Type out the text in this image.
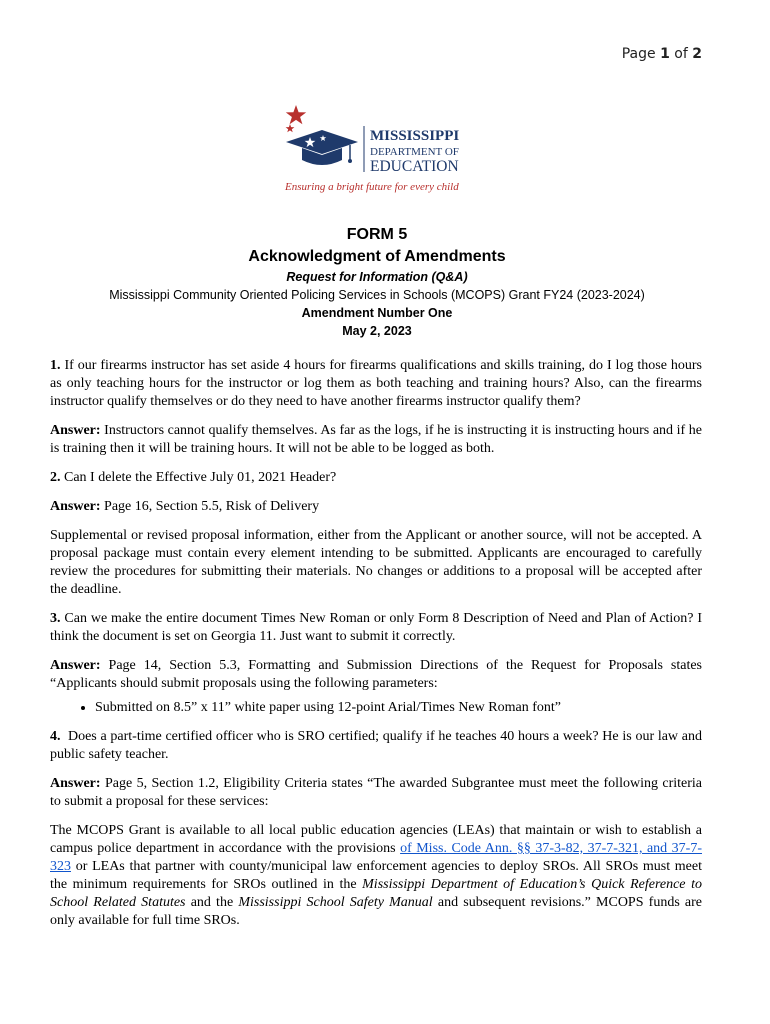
Page 1 of 2
MISSISSIPPI
DEPARTMENT OF
EDUCATION
Ensuring a bright future for every child
FORM 5
Acknowledgment of Amendments
Request for Information (Q&A)
Mississippi Community Oriented Policing Services in Schools (MCOPS) Grant FY24 (2023-2024)
Amendment Number One
May 2, 2023

1. If our firearms instructor has set aside 4 hours for firearms qualifications and skills training, do I log those hours as only teaching hours for the instructor or log them as both teaching and training hours? Also, can the firearms instructor qualify themselves or do they need to have another firearms instructor qualify them?

Answer: Instructors cannot qualify themselves. As far as the logs, if he is instructing it is instructing hours and if he is training then it will be training hours. It will not be able to be logged as both.

2. Can I delete the Effective July 01, 2021 Header?

Answer: Page 16, Section 5.5, Risk of Delivery

Supplemental or revised proposal information, either from the Applicant or another source, will not be accepted. A proposal package must contain every element intending to be submitted. Applicants are encouraged to carefully review the procedures for submitting their materials. No changes or additions to a proposal will be accepted after the deadline.

3. Can we make the entire document Times New Roman or only Form 8 Description of Need and Plan of Action? I think the document is set on Georgia 11. Just want to submit it correctly.

Answer: Page 14, Section 5.3, Formatting and Submission Directions of the Request for Proposals states “Applicants should submit proposals using the following parameters:

• Submitted on 8.5” x 11” white paper using 12-point Arial/Times New Roman font”

4. Does a part-time certified officer who is SRO certified; qualify if he teaches 40 hours a week? He is our law and public safety teacher.

Answer: Page 5, Section 1.2, Eligibility Criteria states “The awarded Subgrantee must meet the following criteria to submit a proposal for these services:

The MCOPS Grant is available to all local public education agencies (LEAs) that maintain or wish to establish a campus police department in accordance with the provisions of Miss. Code Ann. §§ 37-3-82, 37-7-321, and 37-7-323 or LEAs that partner with county/municipal law enforcement agencies to deploy SROs. All SROs must meet the minimum requirements for SROs outlined in the Mississippi Department of Education’s Quick Reference to School Related Statutes and the Mississippi School Safety Manual and subsequent revisions.” MCOPS funds are only available for full time SROs.
